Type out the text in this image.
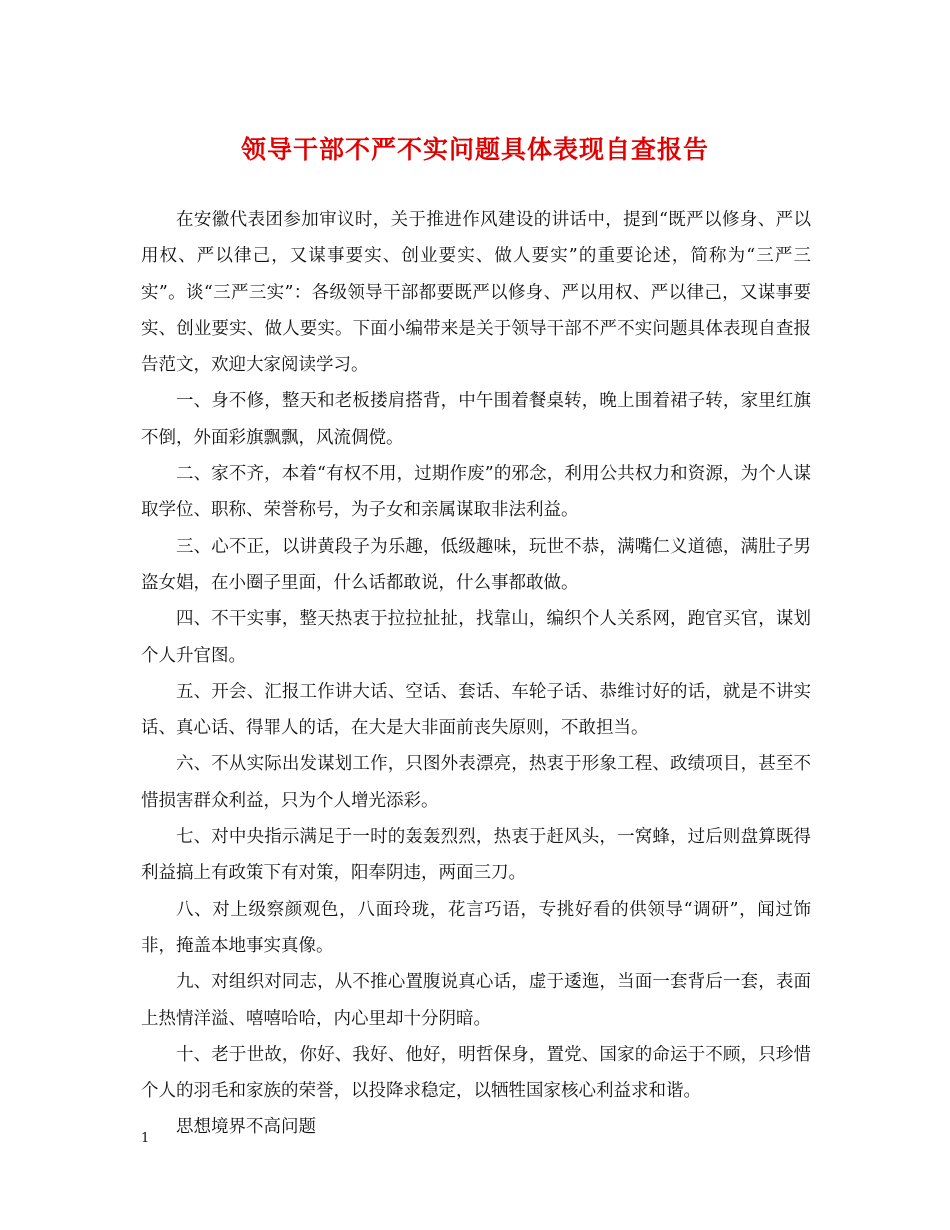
领导干部不严不实问题具体表现自查报告

在安徽代表团参加审议时，关于推进作风建设的讲话中，提到“既严以修身、严以用权、严以律己，又谋事要实、创业要实、做人要实”的重要论述，简称为“三严三实”。谈“三严三实”：各级领导干部都要既严以修身、严以用权、严以律己，又谋事要实、创业要实、做人要实。下面小编带来是关于领导干部不严不实问题具体表现自查报告范文，欢迎大家阅读学习。

一、身不修，整天和老板搂肩搭背，中午围着餐桌转，晚上围着裙子转，家里红旗不倒，外面彩旗飘飘，风流倜傥。

二、家不齐，本着“有权不用，过期作废”的邪念，利用公共权力和资源，为个人谋取学位、职称、荣誉称号，为子女和亲属谋取非法利益。

三、心不正，以讲黄段子为乐趣，低级趣味，玩世不恭，满嘴仁义道德，满肚子男盗女娼，在小圈子里面，什么话都敢说，什么事都敢做。

四、不干实事，整天热衷于拉拉扯扯，找靠山，编织个人关系网，跑官买官，谋划个人升官图。

五、开会、汇报工作讲大话、空话、套话、车轮子话、恭维讨好的话，就是不讲实话、真心话、得罪人的话，在大是大非面前丧失原则，不敢担当。

六、不从实际出发谋划工作，只图外表漂亮，热衷于形象工程、政绩项目，甚至不惜损害群众利益，只为个人增光添彩。

七、对中央指示满足于一时的轰轰烈烈，热衷于赶风头，一窝蜂，过后则盘算既得利益搞上有政策下有对策，阳奉阴违，两面三刀。

八、对上级察颜观色，八面玲珑，花言巧语，专挑好看的供领导“调研”，闻过饰非，掩盖本地事实真像。

九、对组织对同志，从不推心置腹说真心话，虚于逶迤，当面一套背后一套，表面上热情洋溢、嘻嘻哈哈，内心里却十分阴暗。

十、老于世故，你好、我好、他好，明哲保身，置党、国家的命运于不顾，只珍惜个人的羽毛和家族的荣誉，以投降求稳定，以牺牲国家核心利益求和谐。

思想境界不高问题

1
